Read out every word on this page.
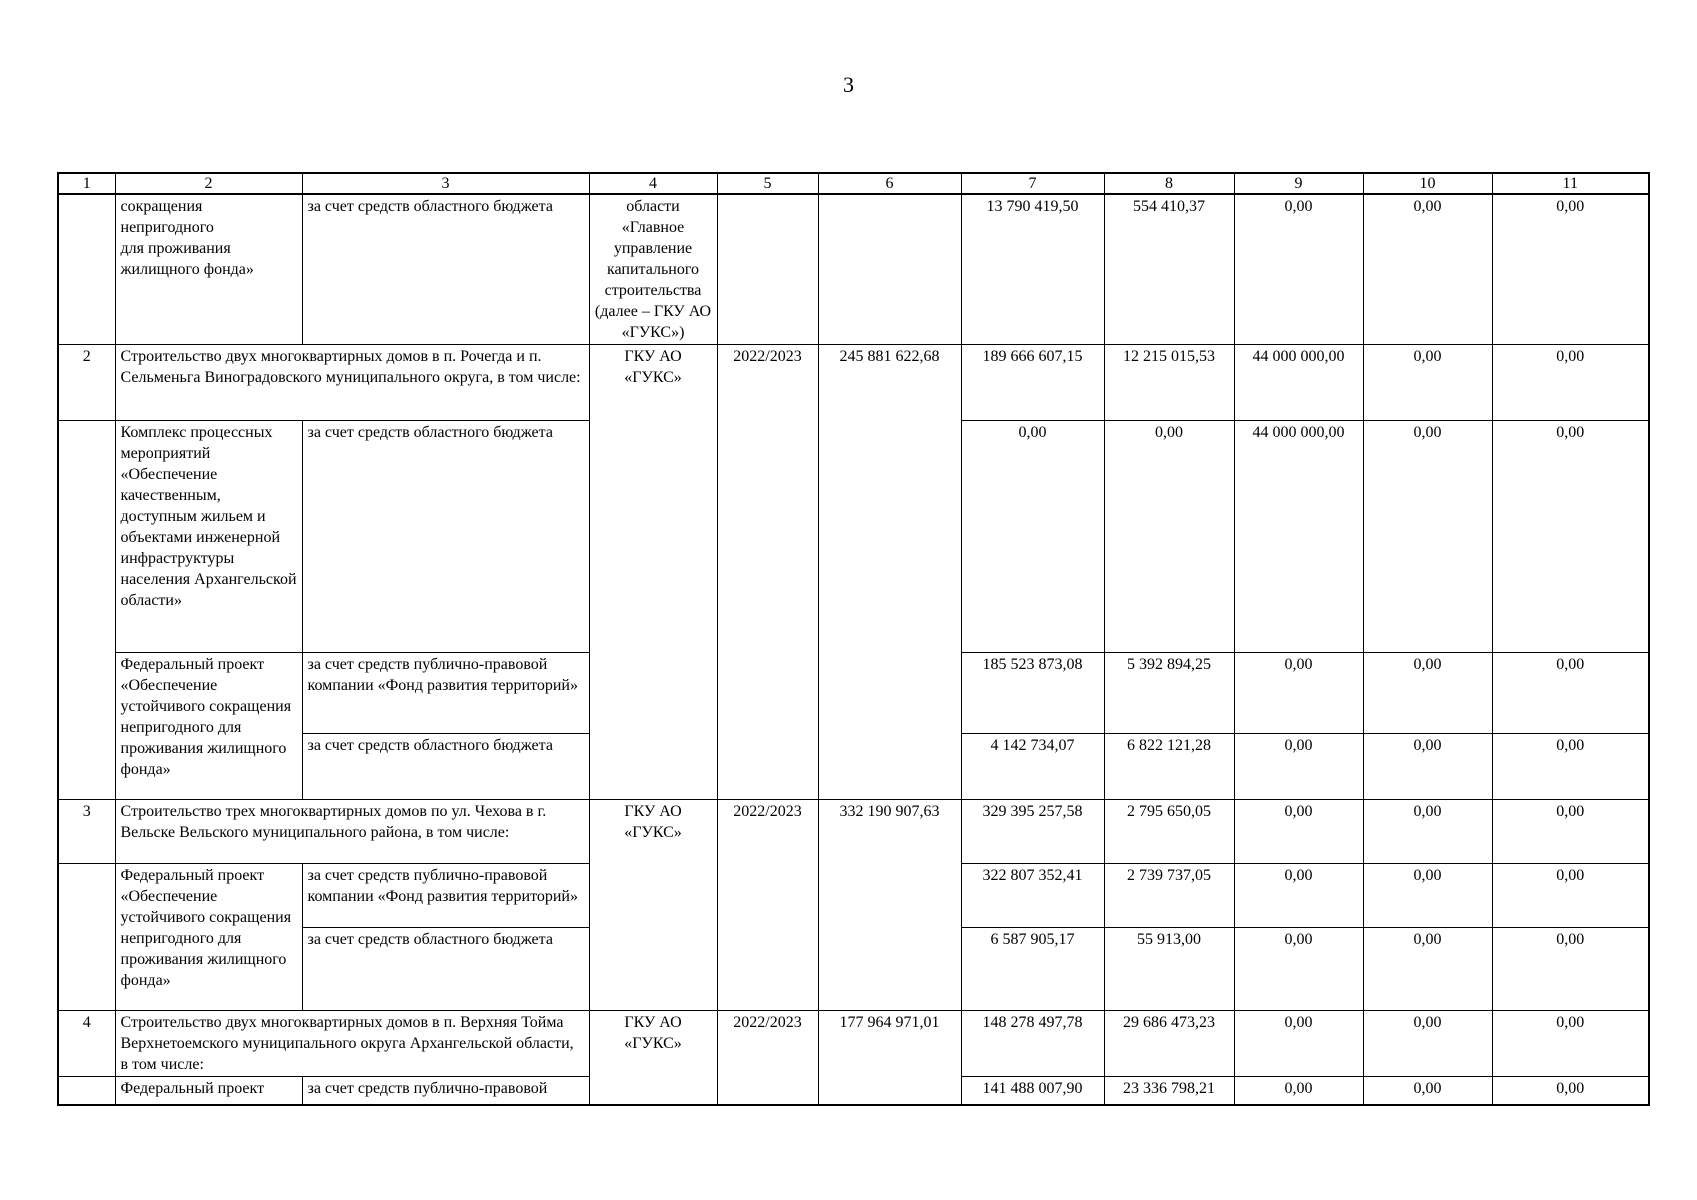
3
1	2	3	4	5	6	7	8	9	10	11
	сокращения
непригодного
для проживания
жилищного фонда»	за счет средств областного бюджета	области «Главное управление капитального строительства (далее – ГКУ АО «ГУКС»)			13 790 419,50	554 410,37	0,00	0,00	0,00
2	Строительство двух многоквартирных домов в п. Рочегда и п. Сельменьга Виноградовского муниципального округа, в том числе:		ГКУ АО «ГУКС»	2022/2023	245 881 622,68	189 666 607,15	12 215 015,53	44 000 000,00	0,00	0,00
	Комплекс процессных мероприятий «Обеспечение качественным, доступным жильем и объектами инженерной инфраструктуры населения Архангельской области»	за счет средств областного бюджета				0,00	0,00	44 000 000,00	0,00	0,00
	Федеральный проект «Обеспечение устойчивого сокращения непригодного для проживания жилищного фонда»	за счет средств публично-правовой компании «Фонд развития территорий»				185 523 873,08	5 392 894,25	0,00	0,00	0,00
		за счет средств областного бюджета				4 142 734,07	6 822 121,28	0,00	0,00	0,00
3	Строительство трех многоквартирных домов по ул. Чехова в г. Вельске Вельского муниципального района, в том числе:		ГКУ АО «ГУКС»	2022/2023	332 190 907,63	329 395 257,58	2 795 650,05	0,00	0,00	0,00
	Федеральный проект «Обеспечение устойчивого сокращения непригодного для проживания жилищного фонда»	за счет средств публично-правовой компании «Фонд развития территорий»				322 807 352,41	2 739 737,05	0,00	0,00	0,00
		за счет средств областного бюджета				6 587 905,17	55 913,00	0,00	0,00	0,00
4	Строительство двух многоквартирных домов в п. Верхняя Тойма Верхнетоемского муниципального округа Архангельской области, в том числе:		ГКУ АО «ГУКС»	2022/2023	177 964 971,01	148 278 497,78	29 686 473,23	0,00	0,00	0,00
	Федеральный проект	за счет средств публично-правовой				141 488 007,90	23 336 798,21	0,00	0,00	0,00
